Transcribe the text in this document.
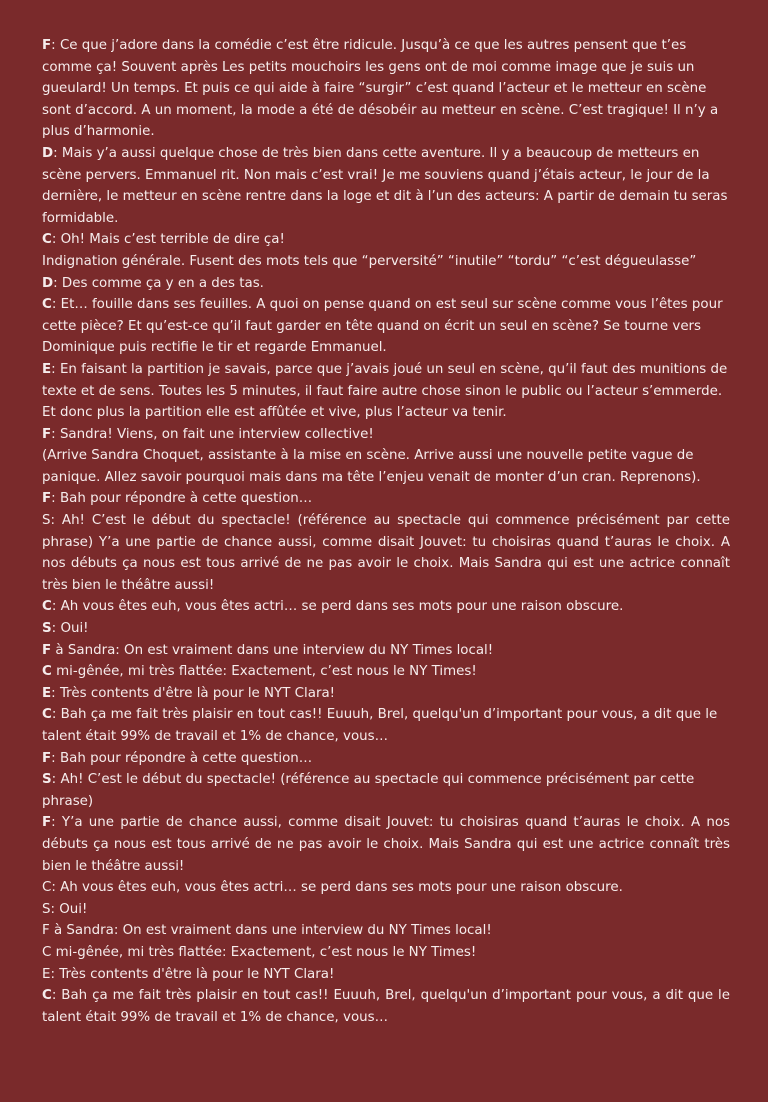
F: Ce que j’adore dans la comédie c’est être ridicule. Jusqu’à ce que les autres pensent que t’es comme ça! Souvent après Les petits mouchoirs les gens ont de moi comme image que je suis un gueulard! Un temps. Et puis ce qui aide à faire “surgir” c’est quand l’acteur et le metteur en scène sont d’accord. A un moment, la mode a été de désobéir au metteur en scène. C’est tragique! Il n’y a plus d’harmonie.

D: Mais y’a aussi quelque chose de très bien dans cette aventure. Il y a beaucoup de metteurs en scène pervers. Emmanuel rit. Non mais c’est vrai! Je me souviens quand j’étais acteur, le jour de la dernière, le metteur en scène rentre dans la loge et dit à l’un des acteurs: A partir de demain tu seras formidable.

C: Oh! Mais c’est terrible de dire ça!

Indignation générale. Fusent des mots tels que “perversité” “inutile” “tordu” “c’est dégueulasse”

D: Des comme ça y en a des tas.

C: Et… fouille dans ses feuilles. A quoi on pense quand on est seul sur scène comme vous l’êtes pour cette pièce? Et qu’est-ce qu’il faut garder en tête quand on écrit un seul en scène? Se tourne vers Dominique puis rectifie le tir et regarde Emmanuel.

E: En faisant la partition je savais, parce que j’avais joué un seul en scène, qu’il faut des munitions de texte et de sens. Toutes les 5 minutes, il faut faire autre chose sinon le public ou l’acteur s’emmerde. Et donc plus la partition elle est affûtée et vive, plus l’acteur va tenir.

F: Sandra! Viens, on fait une interview collective!

(Arrive Sandra Choquet, assistante à la mise en scène. Arrive aussi une nouvelle petite vague de panique. Allez savoir pourquoi mais dans ma tête l’enjeu venait de monter d’un cran. Reprenons).

F: Bah pour répondre à cette question…

S: Ah! C’est le début du spectacle! (référence au spectacle qui commence précisément par cette phrase) Y’a une partie de chance aussi, comme disait Jouvet: tu choisiras quand t’auras le choix. A nos débuts ça nous est tous arrivé de ne pas avoir le choix. Mais Sandra qui est une actrice connaît très bien le théâtre aussi!

C: Ah vous êtes euh, vous êtes actri… se perd dans ses mots pour une raison obscure.

S: Oui!

F à Sandra: On est vraiment dans une interview du NY Times local!

C mi-gênée, mi très flattée: Exactement, c’est nous le NY Times!

E: Très contents d'être là pour le NYT Clara!

C: Bah ça me fait très plaisir en tout cas!! Euuuh, Brel, quelqu'un d’important pour vous, a dit que le talent était 99% de travail et 1% de chance, vous…

F: Bah pour répondre à cette question…

S: Ah! C’est le début du spectacle! (référence au spectacle qui commence précisément par cette phrase)

F: Y’a une partie de chance aussi, comme disait Jouvet: tu choisiras quand t’auras le choix. A nos débuts ça nous est tous arrivé de ne pas avoir le choix. Mais Sandra qui est une actrice connaît très bien le théâtre aussi!

C: Ah vous êtes euh, vous êtes actri… se perd dans ses mots pour une raison obscure.

S: Oui!

F à Sandra: On est vraiment dans une interview du NY Times local!

C mi-gênée, mi très flattée: Exactement, c’est nous le NY Times!

E: Très contents d'être là pour le NYT Clara!

C: Bah ça me fait très plaisir en tout cas!! Euuuh, Brel, quelqu'un d’important pour vous, a dit que le talent était 99% de travail et 1% de chance, vous…
